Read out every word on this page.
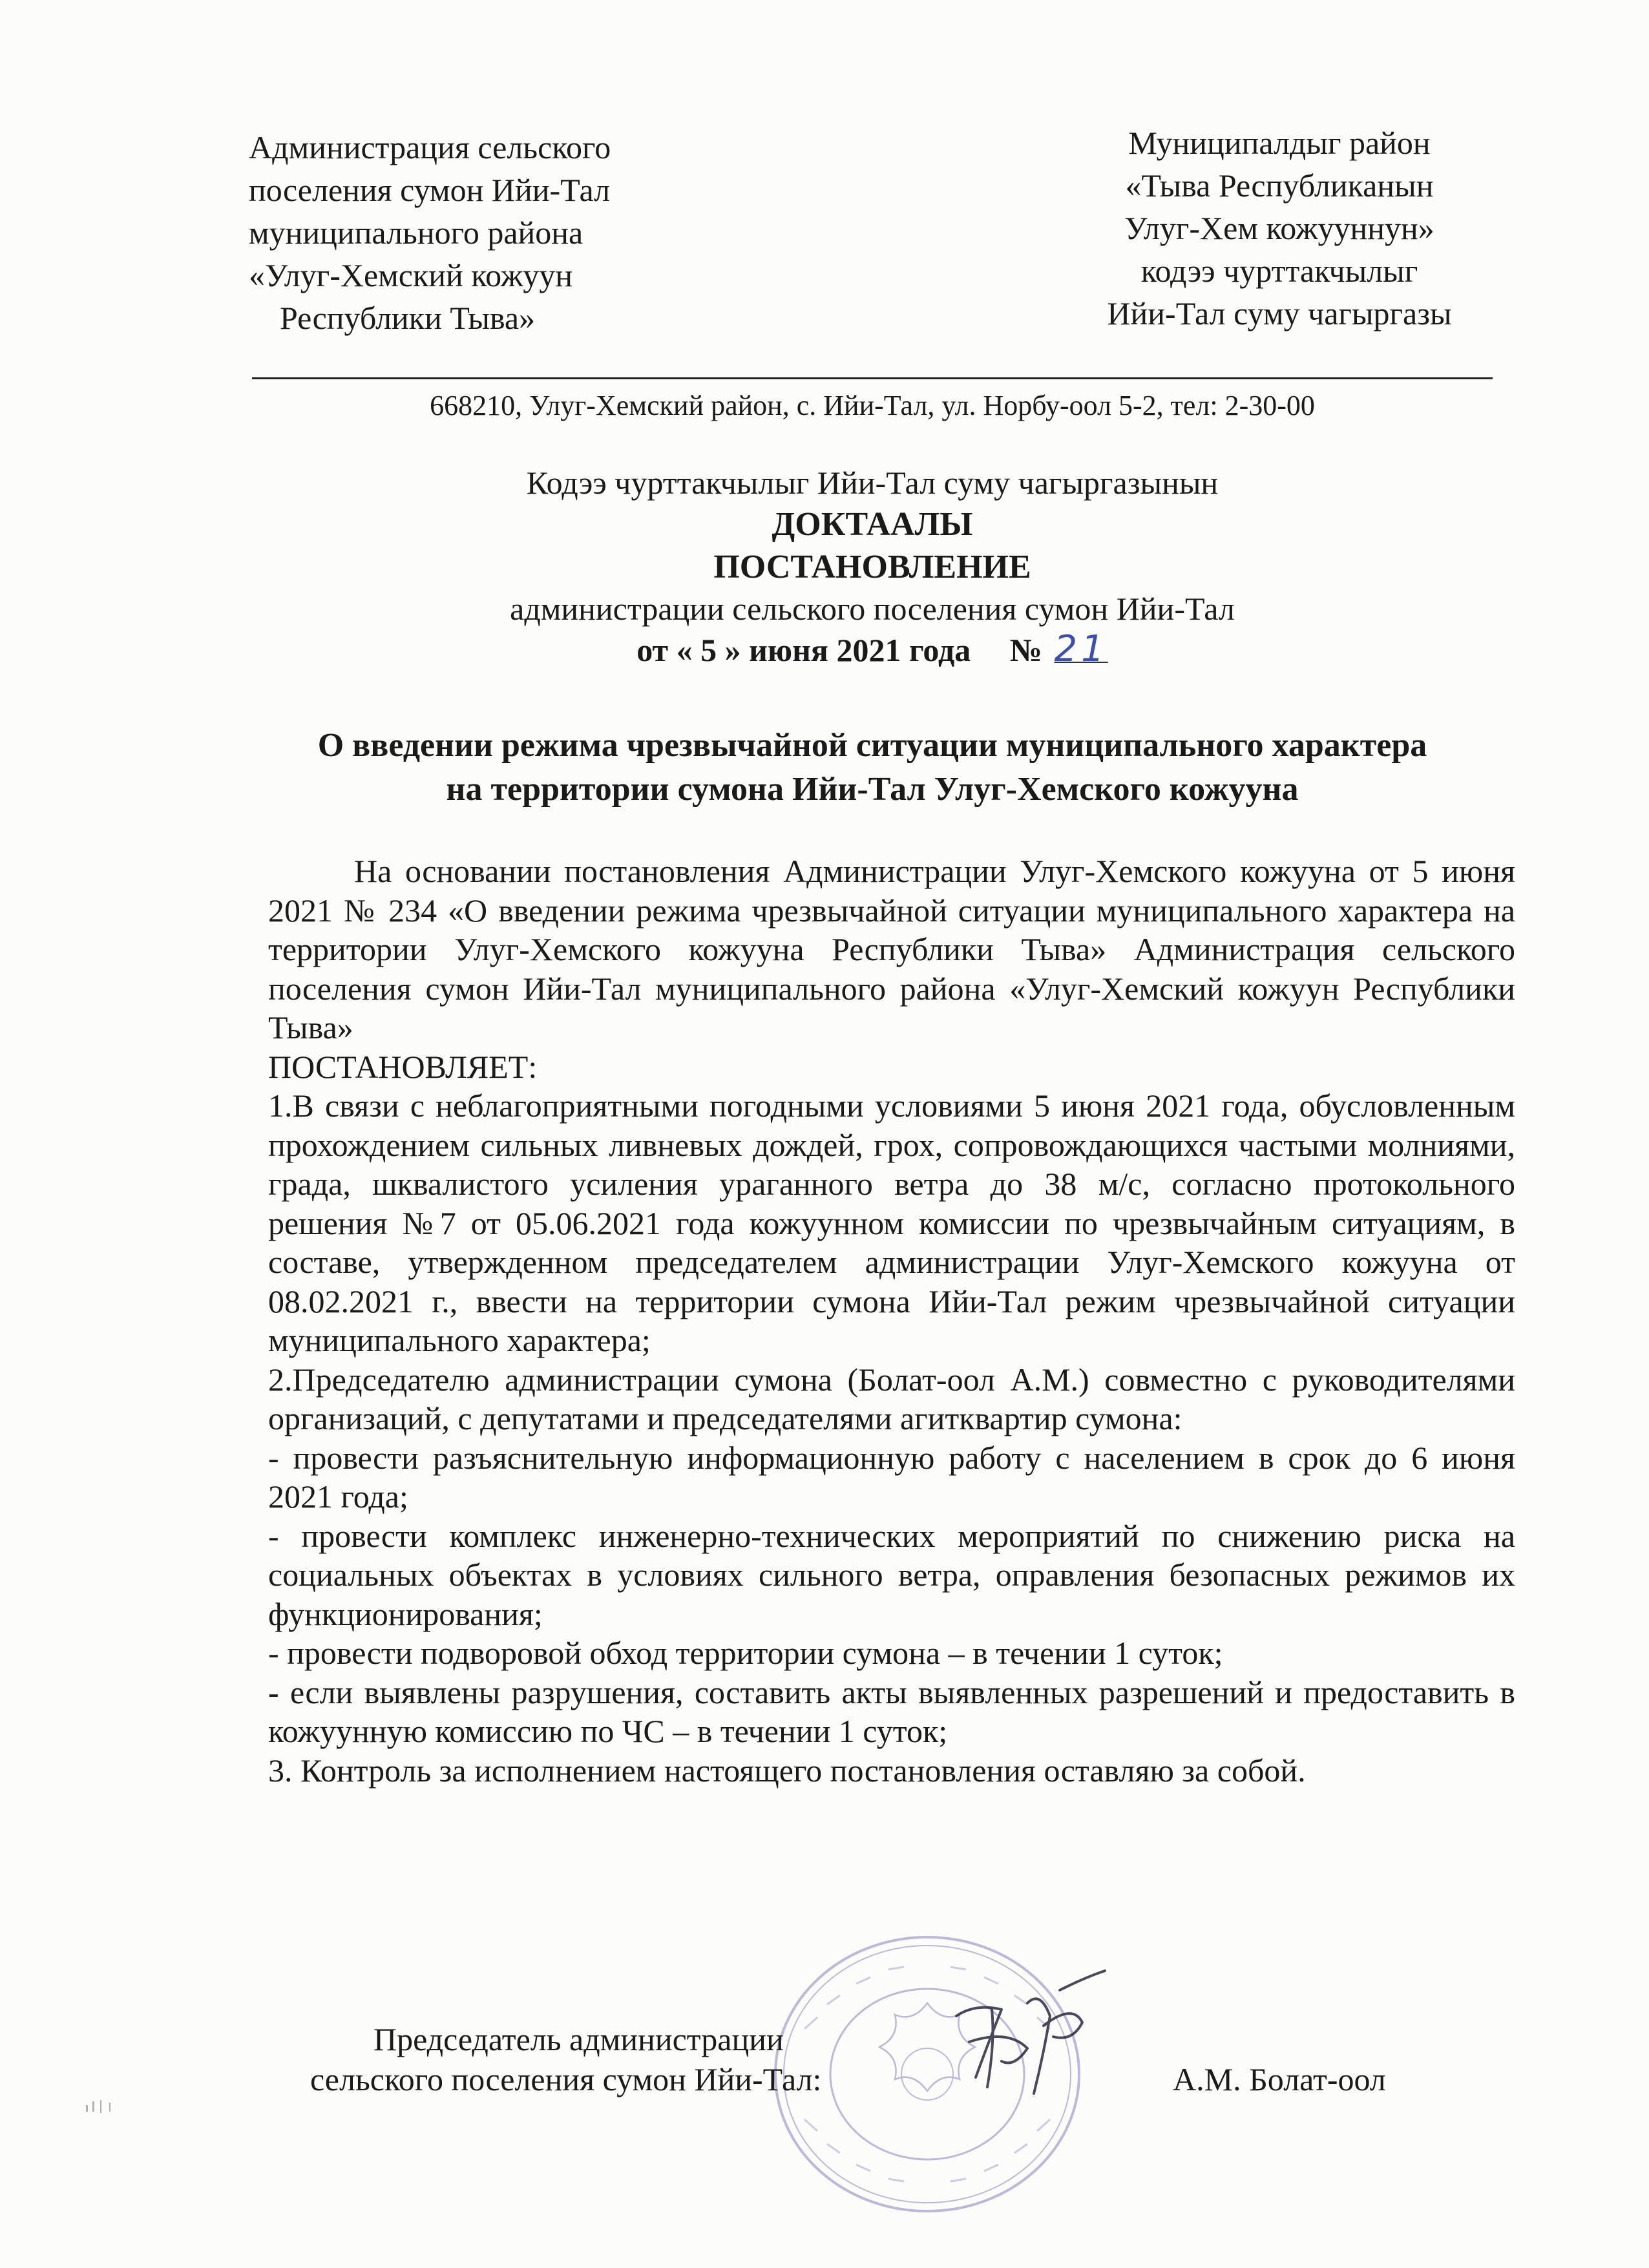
Администрация сельского
поселения сумон Ийи-Тал
муниципального района
«Улуг-Хемский кожуун
Республики Тыва»
Муниципалдыг район
«Тыва Республиканын
Улуг-Хем кожууннун»
кодээ чурттакчылыг
Ийи-Тал суму чагыргазы
668210, Улуг-Хемский район, с. Ийи-Тал, ул. Норбу-оол 5-2, тел: 2-30-00
Кодээ чурттакчылыг Ийи-Тал суму чагыргазынын
ДОКТААЛЫ
ПОСТАНОВЛЕНИЕ
администрации сельского поселения сумон Ийи-Тал
от « 5 » июня 2021 года № 21
О введении режима чрезвычайной ситуации муниципального характера
на территории сумона Ийи-Тал Улуг-Хемского кожууна

На основании постановления Администрации Улуг-Хемского кожууна от 5 июня 2021 № 234 «О введении режима чрезвычайной ситуации муниципального характера на территории Улуг-Хемского кожууна Республики Тыва» Администрация сельского поселения сумон Ийи-Тал муниципального района «Улуг-Хемский кожуун Республики Тыва»

ПОСТАНОВЛЯЕТ:

1.В связи с неблагоприятными погодными условиями 5 июня 2021 года, обусловленным прохождением сильных ливневых дождей, грох, сопровождающихся частыми молниями, града, шквалистого усиления ураганного ветра до 38 м/с, согласно протокольного решения №7 от 05.06.2021 года кожуунном комиссии по чрезвычайным ситуациям, в составе, утвержденном председателем администрации Улуг-Хемского кожууна от 08.02.2021 г., ввести на территории сумона Ийи-Тал режим чрезвычайной ситуации муниципального характера;

2.Председателю администрации сумона (Болат-оол А.М.) совместно с руководителями организаций, с депутатами и председателями агитквартир сумона:

- провести разъяснительную информационную работу с населением в срок до 6 июня 2021 года;

- провести комплекс инженерно-технических мероприятий по снижению риска на социальных объектах в условиях сильного ветра, оправления безопасных режимов их функционирования;

- провести подворовой обход территории сумона – в течении 1 суток;

- если выявлены разрушения, составить акты выявленных разрешений и предоставить в кожуунную комиссию по ЧС – в течении 1 суток;

3. Контроль за исполнением настоящего постановления оставляю за собой.

Председатель администрации
сельского поселения сумон Ийи-Тал:	А.М. Болат-оол
